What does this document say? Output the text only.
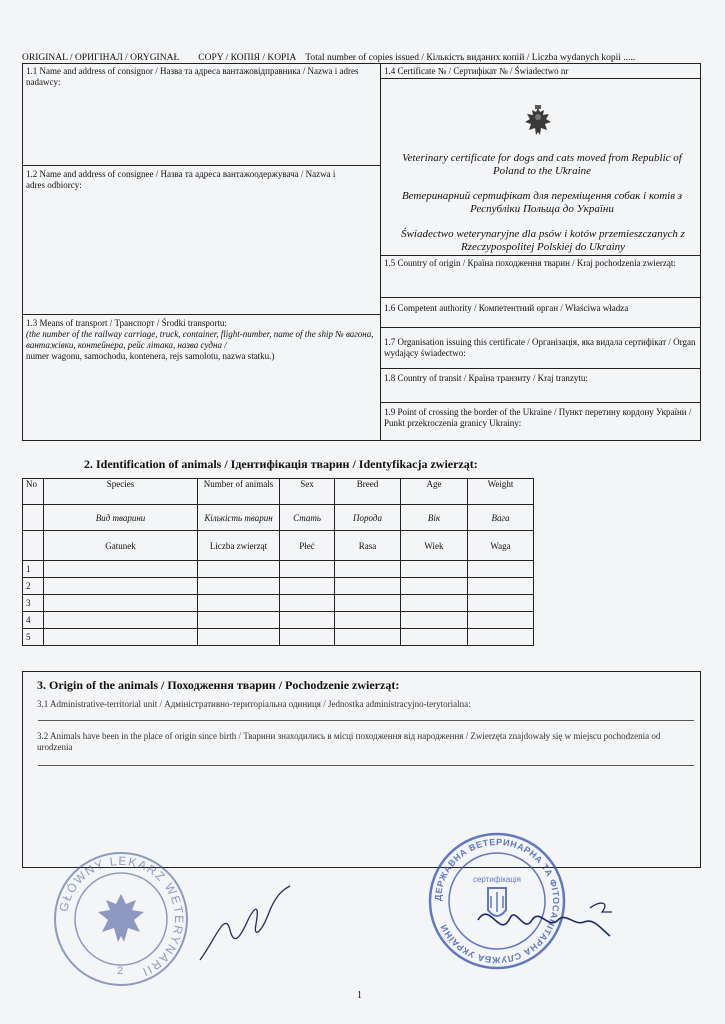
ORIGINAL / ОРИГІНАЛ / ORYGINAŁ COPY / КОПІЯ / KOPIA Total number of copies issued / Кількість виданих копій / Liczba wydanych kopii .....
1.1 Name and address of consignor / Назва та адреса вантажовідправника / Nazwa i adres nadawcy:
1.2 Name and address of consignee / Назва та адреса вантажоодержувача / Nazwa i adres odbiorcy:
1.3 Means of transport / Транспорт / Środki transportu:
(the number of the railway carriage, truck, container, flight-number, name of the ship № вагона, вантажівки, контейнера, рейс літака, назва судна /
numer wagonu, samochodu, kontenera, rejs samolotu, nazwa statku.)
1.4 Certificate № / Сертифікат № / Świadectwo nr
Veterinary certificate for dogs and cats moved from Republic of Poland to the Ukraine
Ветеринарний сертифікат для переміщення собак і котів з Республіки Польща до України
Świadectwo weterynaryjne dla psów i kotów przemieszczanych z Rzeczypospolitej Polskiej do Ukrainy
1.5 Country of origin / Країна походження тварин / Kraj pochodzenia zwierząt:
1.6 Competent authority / Компетентний орган / Właściwa władza
1.7 Organisation issuing this certificate / Організація, яка видала сертифікат / Organ wydający świadectwo:
1.8 Country of transit / Країна транзиту / Kraj tranzytu:
1.9 Point of crossing the border of the Ukraine / Пункт перетину кордону України / Punkt przekroczenia granicy Ukrainy:
2. Identification of animals / Ідентифікація тварин / Identyfikacja zwierząt:
No	Species	Number of animals	Sex	Breed	Age	Weight
	Вид тварини	Кількість тварин	Стать	Порода	Вік	Вага
	Gatunek	Liczba zwierząt	Płeć	Rasa	Wiek	Waga
1						
2						
3						
4						
5						
3. Origin of the animals / Походження тварин / Pochodzenie zwierząt:
3.1 Administrative-territorial unit / Адміністративно-територіальна одиниця / Jednostka administracyjno-terytorialna:
3.2 Animals have been in the place of origin since birth / Тварини знаходились в місці походження від народження / Zwierzęta znajdowały się w miejscu pochodzenia od urodzenia
GŁÓWNY LEKARZ WETERYNARII
2
ДЕРЖАВНА ВЕТЕРИНАРНА ТА ФІТОСАНІТАРНА СЛУЖБА УКРАЇНИ
сертифікація
1
